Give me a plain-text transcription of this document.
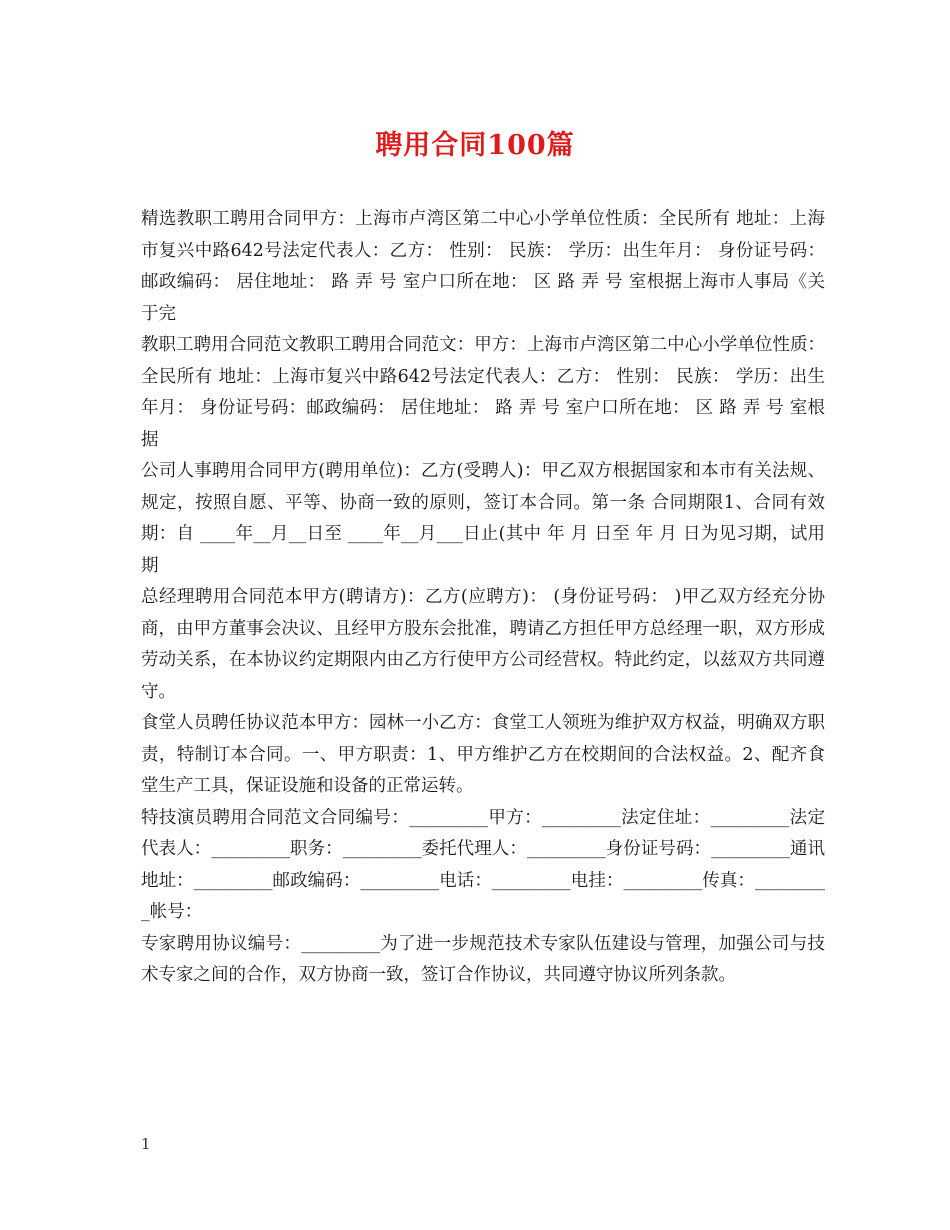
聘用合同100篇

精选教职工聘用合同甲方：上海市卢湾区第二中心小学单位性质：全民所有 地址：上海市复兴中路642号法定代表人：乙方： 性别： 民族： 学历：出生年月： 身份证号码：邮政编码： 居住地址： 路 弄 号 室户口所在地： 区 路 弄 号 室根据上海市人事局《关于完

教职工聘用合同范文教职工聘用合同范文：甲方：上海市卢湾区第二中心小学单位性质：全民所有 地址：上海市复兴中路642号法定代表人：乙方： 性别： 民族： 学历：出生年月： 身份证号码：邮政编码： 居住地址： 路 弄 号 室户口所在地： 区 路 弄 号 室根据

公司人事聘用合同甲方(聘用单位)：乙方(受聘人)：甲乙双方根据国家和本市有关法规、规定，按照自愿、平等、协商一致的原则，签订本合同。第一条 合同期限1、合同有效期：自 ____年__月__日至 ____年__月___日止(其中 年 月 日至 年 月 日为见习期，试用期

总经理聘用合同范本甲方(聘请方)：乙方(应聘方)： (身份证号码： )甲乙双方经充分协商，由甲方董事会决议、且经甲方股东会批准，聘请乙方担任甲方总经理一职，双方形成劳动关系，在本协议约定期限内由乙方行使甲方公司经营权。特此约定，以兹双方共同遵守。

食堂人员聘任协议范本甲方：园林一小乙方：食堂工人领班为维护双方权益，明确双方职责，特制订本合同。一、甲方职责：1、甲方维护乙方在校期间的合法权益。2、配齐食堂生产工具，保证设施和设备的正常运转。

特技演员聘用合同范文合同编号：_________甲方：_________法定住址：_________法定代表人：_________职务：_________委托代理人：_________身份证号码：_________通讯地址：_________邮政编码：_________电话：_________电挂：_________传真：_________帐号：

专家聘用协议编号：_________为了进一步规范技术专家队伍建设与管理，加强公司与技术专家之间的合作，双方协商一致，签订合作协议，共同遵守协议所列条款。

1
